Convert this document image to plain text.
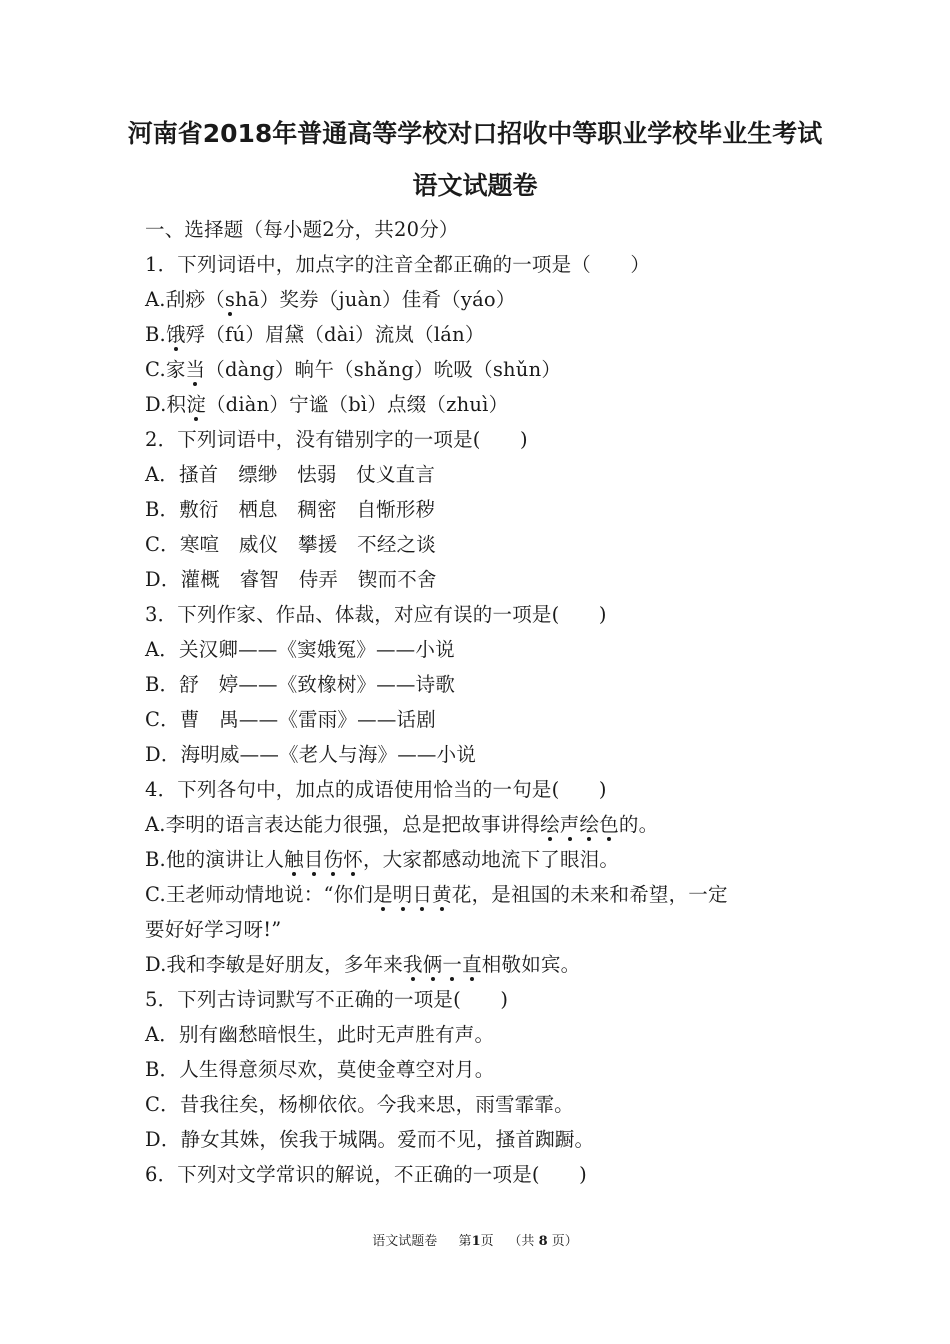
河南省2018年普通高等学校对口招收中等职业学校毕业生考试
语文试题卷
一、选择题（每小题2分，共20分）
1．下列词语中，加点字的注音全都正确的一项是（　　）
A.刮痧（shā）奖券（juàn）佳肴（yáo）
B.饿殍（fú）眉黛（dài）流岚（lán）
C.家当（dàng）晌午（shǎng）吮吸（shǔn）
D.积淀（diàn）宁谧（bì）点缀（zhuì）
2．下列词语中，没有错别字的一项是(　　)
A．搔首　缥缈　怯弱　仗义直言
B．敷衍　栖息　稠密　自惭形秽
C．寒喧　威仪　攀援　不经之谈
D．灌概　睿智　侍弄　锲而不舍
3．下列作家、作品、体裁，对应有误的一项是(　　)
A．关汉卿——《窦娥冤》——小说
B．舒　婷——《致橡树》——诗歌
C．曹　禺——《雷雨》——话剧
D．海明威——《老人与海》——小说
4．下列各句中，加点的成语使用恰当的一句是(　　)
A.李明的语言表达能力很强，总是把故事讲得绘声绘色的。
B.他的演讲让人触目伤怀，大家都感动地流下了眼泪。
C.王老师动情地说：“你们是明日黄花，是祖国的未来和希望，一定
要好好学习呀!”
D.我和李敏是好朋友，多年来我俩一直相敬如宾。
5．下列古诗词默写不正确的一项是(　　)
A．别有幽愁暗恨生，此时无声胜有声。
B．人生得意须尽欢，莫使金尊空对月。
C．昔我往矣，杨柳依依。今我来思，雨雪霏霏。
D．静女其姝，俟我于城隅。爱而不见，搔首踟蹰。
6．下列对文学常识的解说，不正确的一项是(　　)
语文试题卷 　 第1页   （共 8 页）
